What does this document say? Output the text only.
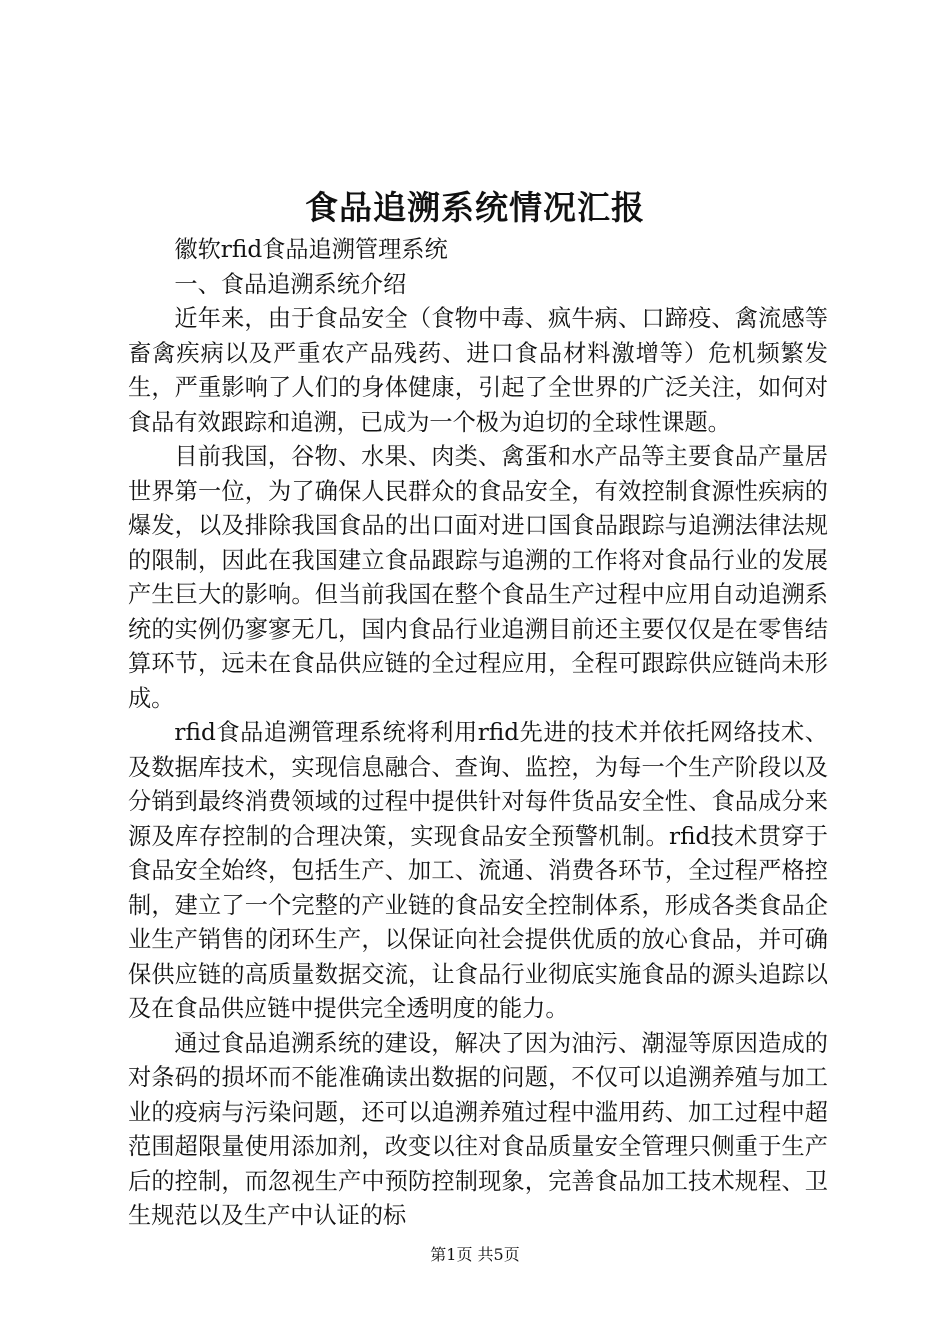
食品追溯系统情况汇报

徽软rfid食品追溯管理系统

一、食品追溯系统介绍

近年来，由于食品安全（食物中毒、疯牛病、口蹄疫、禽流感等畜禽疾病以及严重农产品残药、进口食品材料激增等）危机频繁发生，严重影响了人们的身体健康，引起了全世界的广泛关注，如何对食品有效跟踪和追溯，已成为一个极为迫切的全球性课题。

目前我国，谷物、水果、肉类、禽蛋和水产品等主要食品产量居世界第一位，为了确保人民群众的食品安全，有效控制食源性疾病的爆发，以及排除我国食品的出口面对进口国食品跟踪与追溯法律法规的限制，因此在我国建立食品跟踪与追溯的工作将对食品行业的发展产生巨大的影响。但当前我国在整个食品生产过程中应用自动追溯系统的实例仍寥寥无几，国内食品行业追溯目前还主要仅仅是在零售结算环节，远未在食品供应链的全过程应用，全程可跟踪供应链尚未形成。

rfid食品追溯管理系统将利用rfid先进的技术并依托网络技术、及数据库技术，实现信息融合、查询、监控，为每一个生产阶段以及分销到最终消费领域的过程中提供针对每件货品安全性、食品成分来源及库存控制的合理决策，实现食品安全预警机制。rfid技术贯穿于食品安全始终，包括生产、加工、流通、消费各环节，全过程严格控制，建立了一个完整的产业链的食品安全控制体系，形成各类食品企业生产销售的闭环生产，以保证向社会提供优质的放心食品，并可确保供应链的高质量数据交流，让食品行业彻底实施食品的源头追踪以及在食品供应链中提供完全透明度的能力。

通过食品追溯系统的建设，解决了因为油污、潮湿等原因造成的对条码的损坏而不能准确读出数据的问题，不仅可以追溯养殖与加工业的疫病与污染问题，还可以追溯养殖过程中滥用药、加工过程中超范围超限量使用添加剂，改变以往对食品质量安全管理只侧重于生产后的控制，而忽视生产中预防控制现象，完善食品加工技术规程、卫生规范以及生产中认证的标

第1页 共5页
